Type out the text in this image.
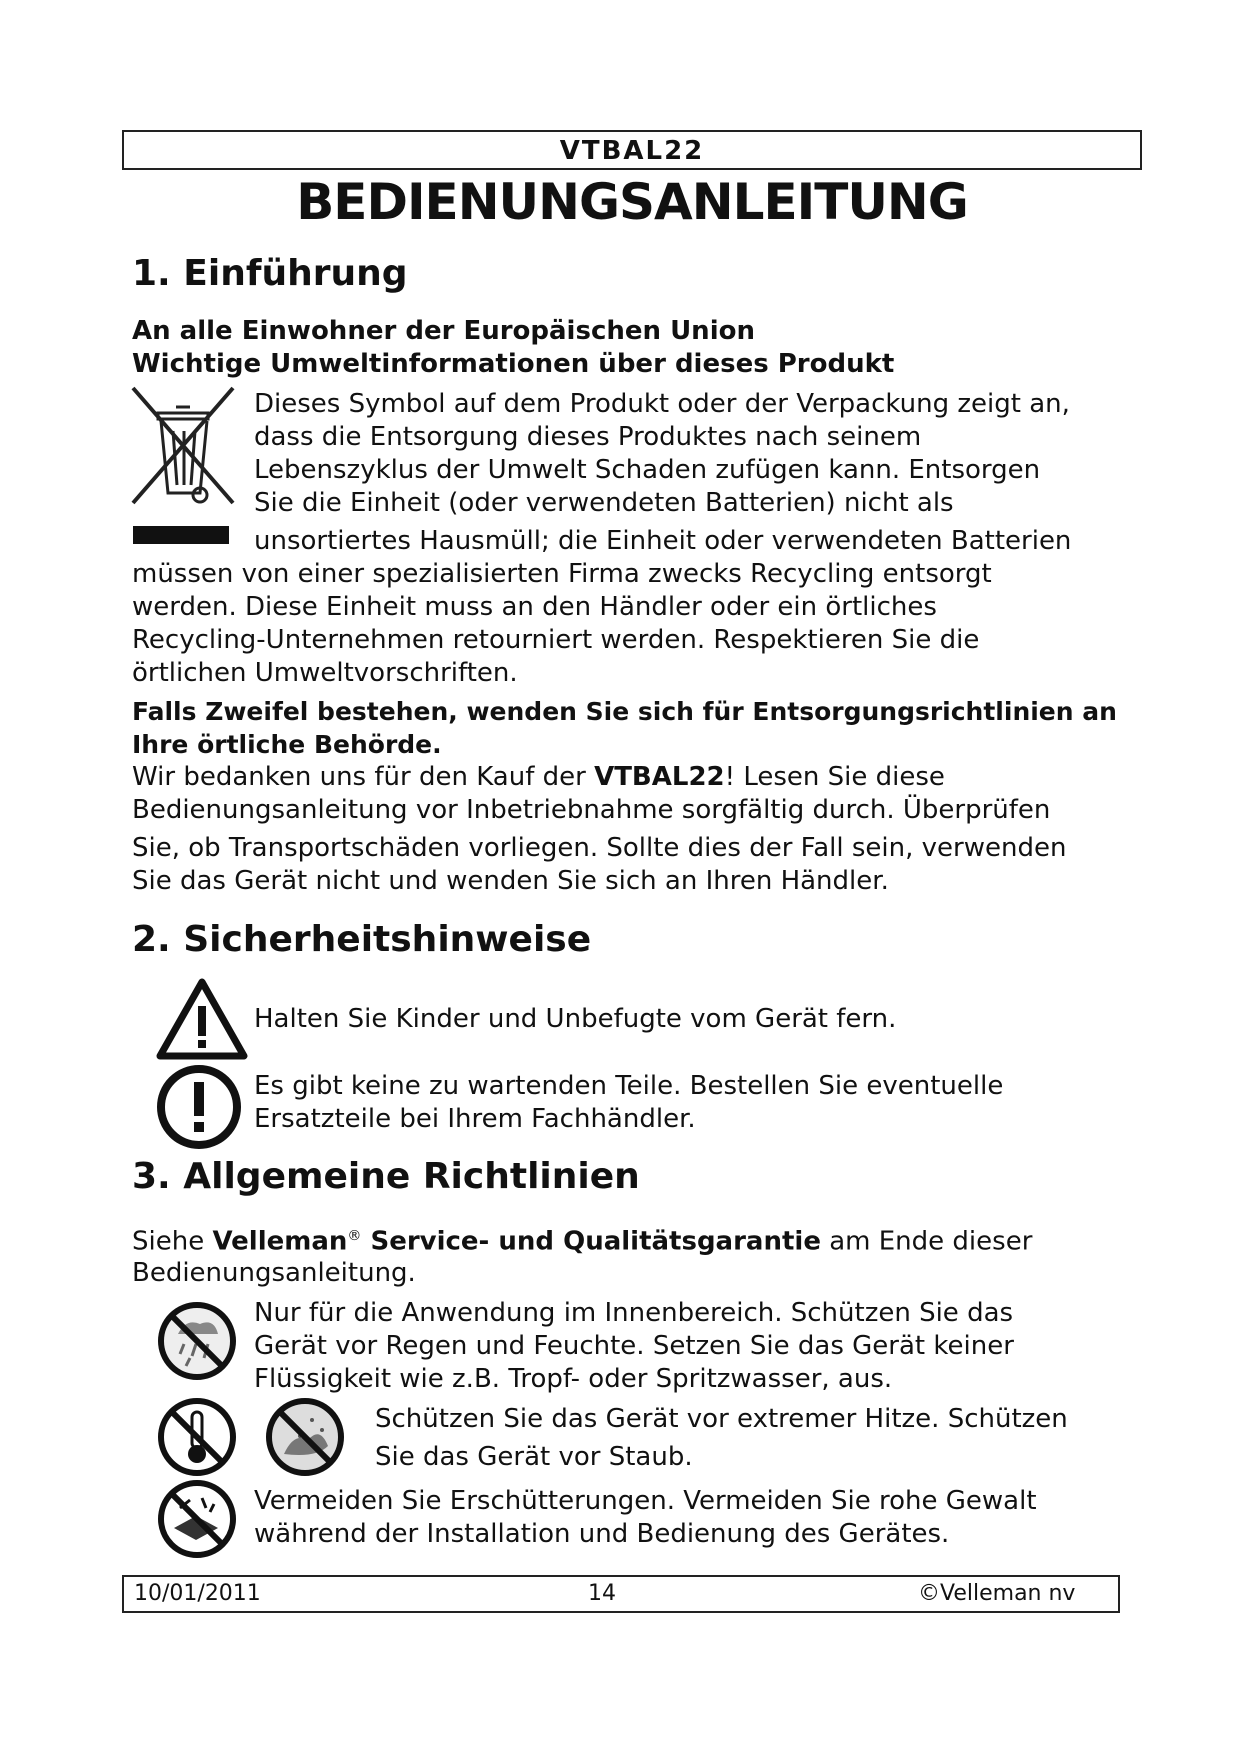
VTBAL22
BEDIENUNGSANLEITUNG
1. Einführung
An alle Einwohner der Europäischen Union
Wichtige Umweltinformationen über dieses Produkt
Dieses Symbol auf dem Produkt oder der Verpackung zeigt an,
dass die Entsorgung dieses Produktes nach seinem
Lebenszyklus der Umwelt Schaden zufügen kann. Entsorgen
Sie die Einheit (oder verwendeten Batterien) nicht als
unsortiertes Hausmüll; die Einheit oder verwendeten Batterien
müssen von einer spezialisierten Firma zwecks Recycling entsorgt
werden. Diese Einheit muss an den Händler oder ein örtliches
Recycling-Unternehmen retourniert werden. Respektieren Sie die
örtlichen Umweltvorschriften.
Falls Zweifel bestehen, wenden Sie sich für Entsorgungsrichtlinien an
Ihre örtliche Behörde.
Wir bedanken uns für den Kauf der VTBAL22! Lesen Sie diese
Bedienungsanleitung vor Inbetriebnahme sorgfältig durch. Überprüfen
Sie, ob Transportschäden vorliegen. Sollte dies der Fall sein, verwenden
Sie das Gerät nicht und wenden Sie sich an Ihren Händler.
2. Sicherheitshinweise
Halten Sie Kinder und Unbefugte vom Gerät fern.
Es gibt keine zu wartenden Teile. Bestellen Sie eventuelle
Ersatzteile bei Ihrem Fachhändler.
3. Allgemeine Richtlinien
Siehe Velleman® Service- und Qualitätsgarantie am Ende dieser
Bedienungsanleitung.
Nur für die Anwendung im Innenbereich. Schützen Sie das
Gerät vor Regen und Feuchte. Setzen Sie das Gerät keiner
Flüssigkeit wie z.B. Tropf- oder Spritzwasser, aus.
Schützen Sie das Gerät vor extremer Hitze. Schützen
Sie das Gerät vor Staub.
Vermeiden Sie Erschütterungen. Vermeiden Sie rohe Gewalt
während der Installation und Bedienung des Gerätes.
10/01/2011	14	©Velleman nv
